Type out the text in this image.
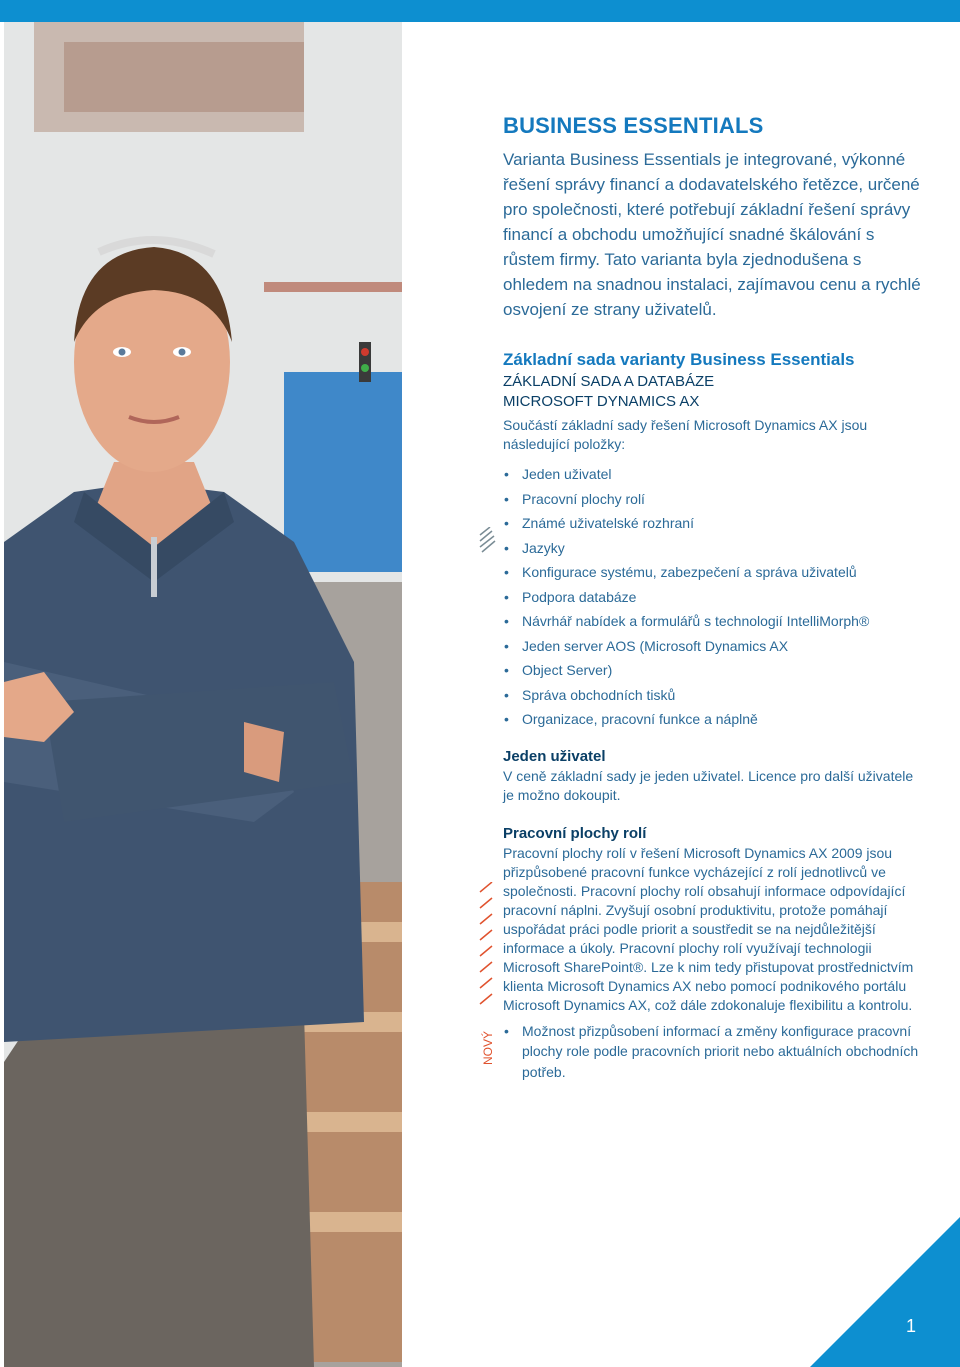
BUSINESS ESSENTIALS

Varianta Business Essentials je integrované, výkonné řešení správy financí a dodavatelského řetězce, určené pro společnosti, které potřebují základní řešení správy financí a obchodu umožňující snadné škálování s růstem firmy. Tato varianta byla zjednodušena s ohledem na snadnou instalaci, zajímavou cenu a rychlé osvojení ze strany uživatelů.

Základní sada varianty Business Essentials

ZÁKLADNÍ SADA A DATABÁZE

MICROSOFT DYNAMICS AX

Součástí základní sady řešení Microsoft Dynamics AX jsou následující položky:

• Jeden uživatel
• Pracovní plochy rolí
• Známé uživatelské rozhraní
• Jazyky
• Konfigurace systému, zabezpečení a správa uživatelů
• Podpora databáze
• Návrhář nabídek a formulářů s technologií IntelliMorph®
• Jeden server AOS (Microsoft Dynamics AX
• Object Server)
• Správa obchodních tisků
• Organizace, pracovní funkce a náplně
Jeden uživatel

V ceně základní sady je jeden uživatel. Licence pro další uživatele je možno dokoupit.

Pracovní plochy rolí

Pracovní plochy rolí v řešení Microsoft Dynamics AX 2009 jsou přizpůsobené pracovní funkce vycházející z rolí jednotlivců ve společnosti. Pracovní plochy rolí obsahují informace odpovídající pracovní náplni. Zvyšují osobní produktivitu, protože pomáhají uspořádat práci podle priorit a soustředit se na nejdůležitější informace a úkoly. Pracovní plochy rolí využívají technologii Microsoft SharePoint®. Lze k nim tedy přistupovat prostřednictvím klienta Microsoft Dynamics AX nebo pomocí podnikového portálu Microsoft Dynamics AX, což dále zdokonaluje flexibilitu a kontrolu.

• Možnost přizpůsobení informací a změny konfigurace pracovní plochy role podle pracovních priorit nebo aktuálních obchodních potřeb.
NOVÝ
1
